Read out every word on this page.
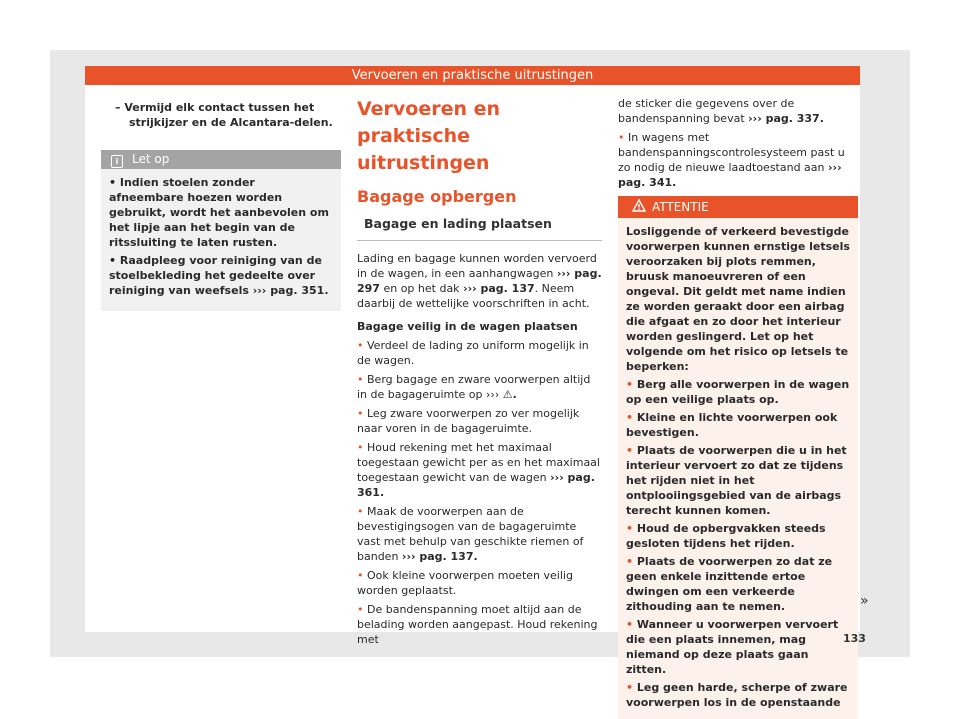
Vervoeren en praktische uitrustingen
– Vermijd elk contact tussen het strijkijzer en de Alcantara-delen.
i Let op

• Indien stoelen zonder afneembare hoezen worden gebruikt, wordt het aanbevolen om het lipje aan het begin van de ritssluiting te laten rusten.

• Raadpleeg voor reiniging van de stoelbekleding het gedeelte over reiniging van weefsels ››› pag. 351.

Vervoeren en praktische uitrustingen
Bagage opbergen
Bagage en lading plaatsen

Lading en bagage kunnen worden vervoerd in de wagen, in een aanhangwagen ››› pag. 297 en op het dak ››› pag. 137. Neem daarbij de wettelijke voorschriften in acht.

Bagage veilig in de wagen plaatsen

• Verdeel de lading zo uniform mogelijk in de wagen.

• Berg bagage en zware voorwerpen altijd in de bagageruimte op ››› ⚠.

• Leg zware voorwerpen zo ver mogelijk naar voren in de bagageruimte.

• Houd rekening met het maximaal toegestaan gewicht per as en het maximaal toegestaan gewicht van de wagen ››› pag. 361.

• Maak de voorwerpen aan de bevestigingsogen van de bagageruimte vast met behulp van geschikte riemen of banden ››› pag. 137.

• Ook kleine voorwerpen moeten veilig worden geplaatst.

• De bandenspanning moet altijd aan de belading worden aangepast. Houd rekening met

de sticker die gegevens over de bandenspanning bevat ››› pag. 337.

• In wagens met bandenspanningscontrolesysteem past u zo nodig de nieuwe laadtoestand aan ››› pag. 341.

ATTENTIE

Losliggende of verkeerd bevestigde voorwerpen kunnen ernstige letsels veroorzaken bij plots remmen, bruusk manoeuvreren of een ongeval. Dit geldt met name indien ze worden geraakt door een airbag die afgaat en zo door het interieur worden geslingerd. Let op het volgende om het risico op letsels te beperken:

• Berg alle voorwerpen in de wagen op een veilige plaats op.

• Kleine en lichte voorwerpen ook bevestigen.

• Plaats de voorwerpen die u in het interieur vervoert zo dat ze tijdens het rijden niet in het ontplooiingsgebied van de airbags terecht kunnen komen.

• Houd de opbergvakken steeds gesloten tijdens het rijden.

• Plaats de voorwerpen zo dat ze geen enkele inzittende ertoe dwingen om een verkeerde zithouding aan te nemen.

• Wanneer u voorwerpen vervoert die een plaats innemen, mag niemand op deze plaats gaan zitten.

• Leg geen harde, scherpe of zware voorwerpen los in de openstaande

»
133
